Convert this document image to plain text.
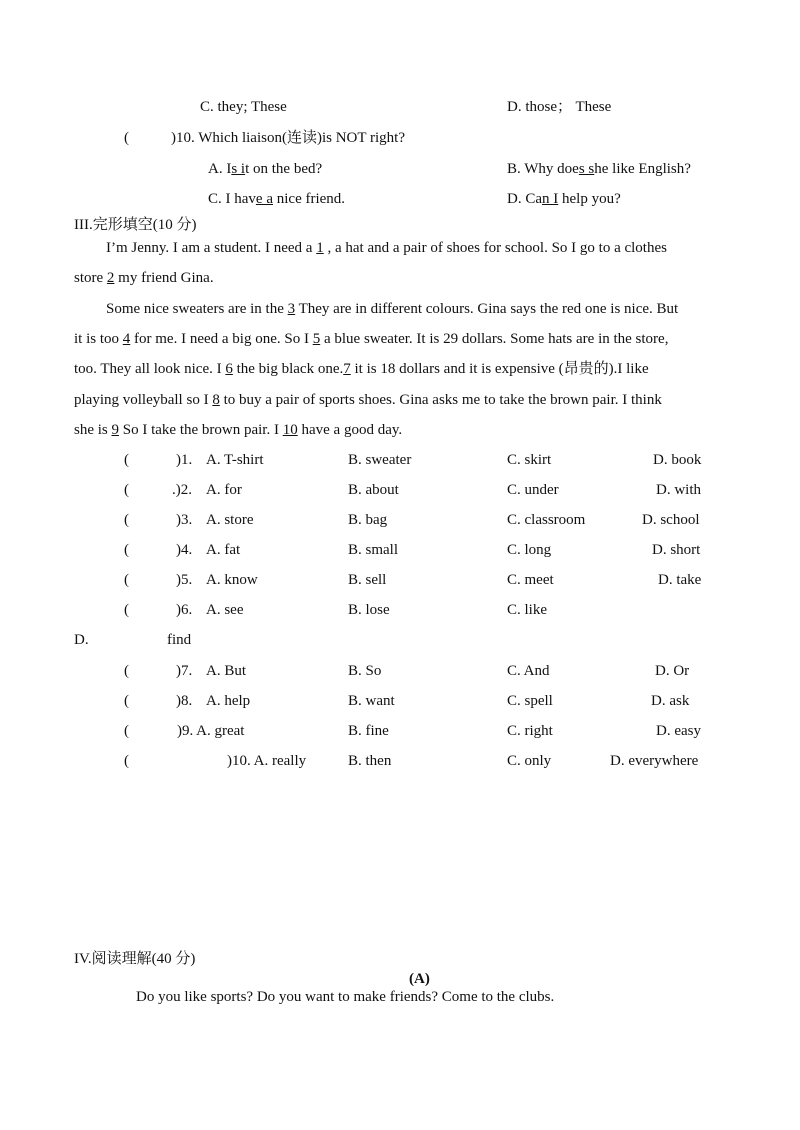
C. they; These	D. those； These
(	)10. Which liaison(连读)is NOT right?
A. Is it on the bed?	B. Why does she like English?
C. I have a nice friend.	D. Can I help you?
III.完形填空(10 分)
I’m Jenny. I am a student. I need a 1 , a hat and a pair of shoes for school. So I go to a clothes
store 2 my friend Gina.
Some nice sweaters are in the 3 They are in different colours. Gina says the red one is nice. But
it is too 4 for me. I need a big one. So I 5 a blue sweater. It is 29 dollars. Some hats are in the store,
too. They all look nice. I 6 the big black one.7 it is 18 dollars and it is expensive (昂贵的).I like
playing volleyball so I 8 to buy a pair of sports shoes. Gina asks me to take the brown pair. I think
she is 9 So I take the brown pair. I 10 have a good day.
(	)1. A. T-shirt	B. sweater	C. skirt	D. book
(	.)2. A. for	B. about	C. under	D. with
(	)3. A. store	B. bag	C. classroom	D. school
(	)4. A. fat	B. small	C. long	D. short
(	)5. A. know	B. sell	C. meet	D. take
(	)6. A. see	B. lose	C. like
D.	find
(	)7. A. But	B. So	C. And	D. Or
(	)8. A. help	B. want	C. spell	D. ask
(	)9. A. great	B. fine	C. right	D. easy
(	)10. A. really	B. then	C. only	D. everywhere
IV.阅读理解(40 分)
(A)
Do you like sports? Do you want to make friends? Come to the clubs.
